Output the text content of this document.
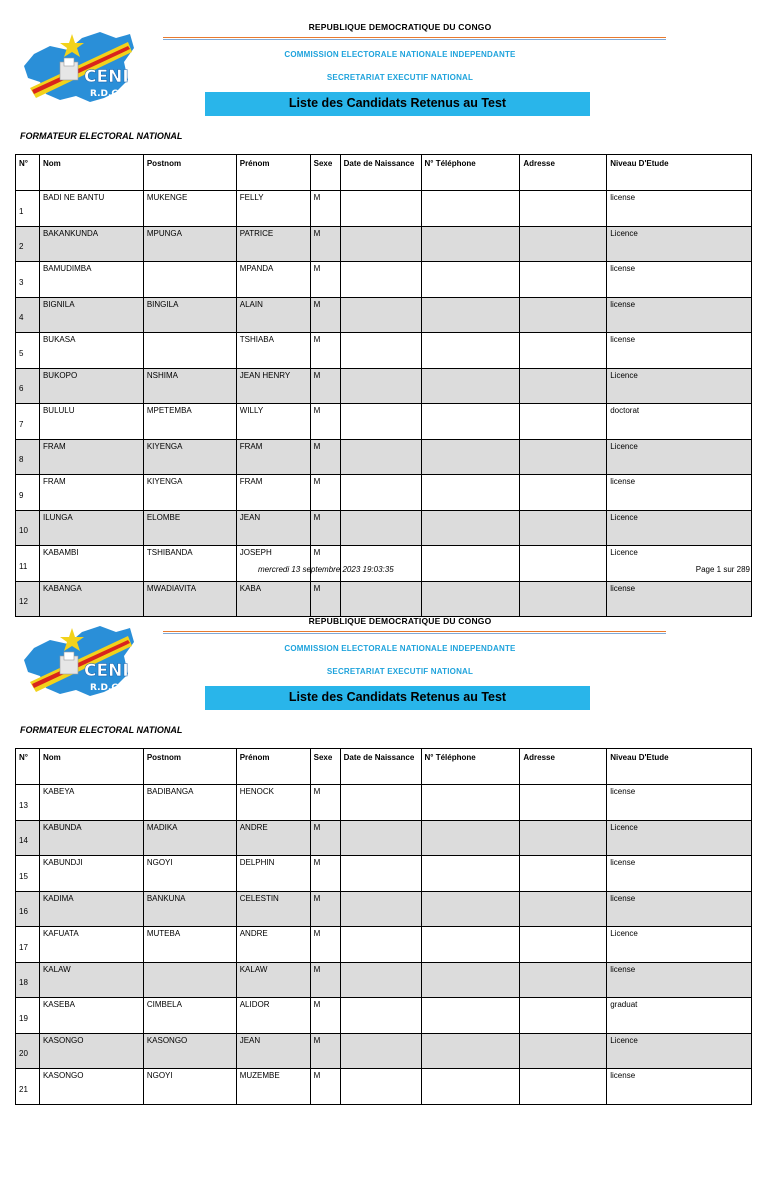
CENI
R.D.C
REPUBLIQUE DEMOCRATIQUE DU CONGO
COMMISSION ELECTORALE NATIONALE INDEPENDANTE
SECRETARIAT EXECUTIF NATIONAL
Liste des Candidats Retenus au Test
FORMATEUR ELECTORAL NATIONAL
N°	Nom	Postnom	Prénom	Sexe	Date de Naissance	N° Téléphone	Adresse	Niveau D'Etude
1	BADI NE BANTU	MUKENGE	FELLY	M				license
2	BAKANKUNDA	MPUNGA	PATRICE	M				Licence
3	BAMUDIMBA		MPANDA	M				license
4	BIGNILA	BINGILA	ALAIN	M				license
5	BUKASA		TSHIABA	M				license
6	BUKOPO	NSHIMA	JEAN HENRY	M				Licence
7	BULULU	MPETEMBA	WILLY	M				doctorat
8	FRAM	KIYENGA	FRAM	M				Licence
9	FRAM	KIYENGA	FRAM	M				license
10	ILUNGA	ELOMBE	JEAN	M				Licence
11	KABAMBI	TSHIBANDA	JOSEPH	M				Licence
12	KABANGA	MWADIAVITA	KABA	M				license
mercredi 13 septembre 2023 19:03:35	Page 1 sur 289
CENI
R.D.C
REPUBLIQUE DEMOCRATIQUE DU CONGO
COMMISSION ELECTORALE NATIONALE INDEPENDANTE
SECRETARIAT EXECUTIF NATIONAL
Liste des Candidats Retenus au Test
FORMATEUR ELECTORAL NATIONAL
N°	Nom	Postnom	Prénom	Sexe	Date de Naissance	N° Téléphone	Adresse	Niveau D'Etude
13	KABEYA	BADIBANGA	HENOCK	M				license
14	KABUNDA	MADIKA	ANDRE	M				Licence
15	KABUNDJI	NGOYI	DELPHIN	M				license
16	KADIMA	BANKUNA	CELESTIN	M				license
17	KAFUATA	MUTEBA	ANDRE	M				Licence
18	KALAW		KALAW	M				license
19	KASEBA	CIMBELA	ALIDOR	M				graduat
20	KASONGO	KASONGO	JEAN	M				Licence
21	KASONGO	NGOYI	MUZEMBE	M				license
